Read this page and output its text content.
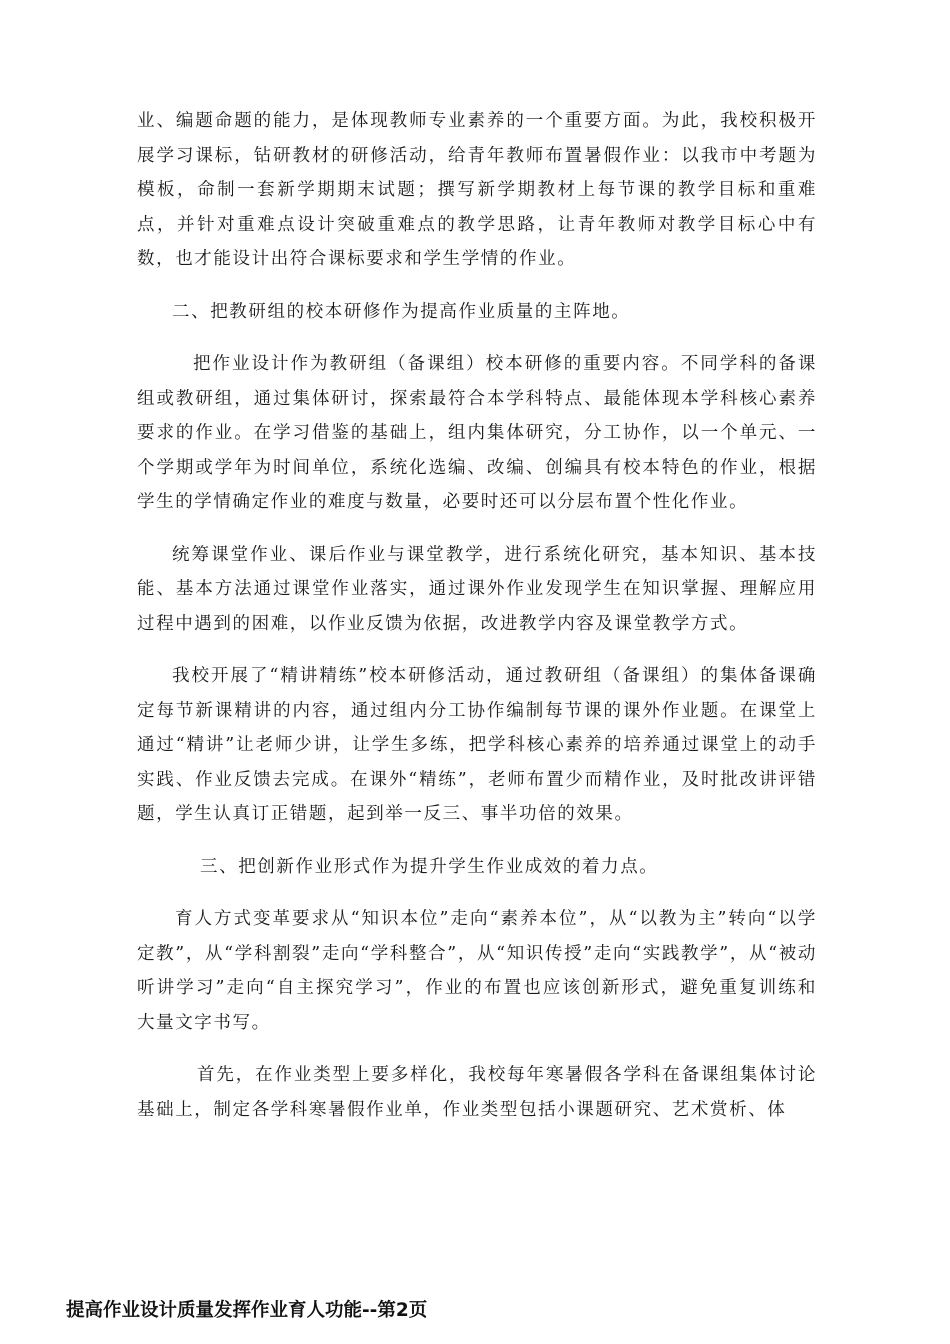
业、编题命题的能力，是体现教师专业素养的一个重要方面。为此，我校积极开展学习课标，钻研教材的研修活动，给青年教师布置暑假作业：以我市中考题为模板，命制一套新学期期末试题；撰写新学期教材上每节课的教学目标和重难点，并针对重难点设计突破重难点的教学思路，让青年教师对教学目标心中有数，也才能设计出符合课标要求和学生学情的作业。

二、把教研组的校本研修作为提高作业质量的主阵地。

把作业设计作为教研组（备课组）校本研修的重要内容。不同学科的备课组或教研组，通过集体研讨，探索最符合本学科特点、最能体现本学科核心素养要求的作业。在学习借鉴的基础上，组内集体研究，分工协作，以一个单元、一个学期或学年为时间单位，系统化选编、改编、创编具有校本特色的作业，根据学生的学情确定作业的难度与数量，必要时还可以分层布置个性化作业。

统筹课堂作业、课后作业与课堂教学，进行系统化研究，基本知识、基本技能、基本方法通过课堂作业落实，通过课外作业发现学生在知识掌握、理解应用过程中遇到的困难，以作业反馈为依据，改进教学内容及课堂教学方式。

我校开展了“精讲精练”校本研修活动，通过教研组（备课组）的集体备课确定每节新课精讲的内容，通过组内分工协作编制每节课的课外作业题。在课堂上通过“精讲”让老师少讲，让学生多练，把学科核心素养的培养通过课堂上的动手实践、作业反馈去完成。在课外“精练”，老师布置少而精作业，及时批改讲评错题，学生认真订正错题，起到举一反三、事半功倍的效果。

三、把创新作业形式作为提升学生作业成效的着力点。

育人方式变革要求从“知识本位”走向“素养本位”，从“以教为主”转向“以学定教”，从“学科割裂”走向“学科整合”，从“知识传授”走向“实践教学”，从“被动听讲学习”走向“自主探究学习”，作业的布置也应该创新形式，避免重复训练和大量文字书写。

首先，在作业类型上要多样化，我校每年寒暑假各学科在备课组集体讨论基础上，制定各学科寒暑假作业单，作业类型包括小课题研究、艺术赏析、体

提高作业设计质量发挥作业育人功能--第2页
